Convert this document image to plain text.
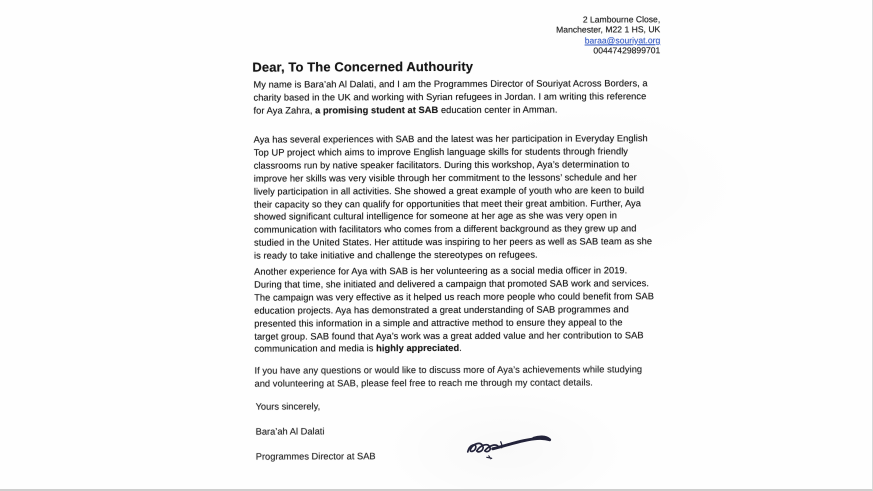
2 Lambourne Close,
Manchester, M22 1 HS, UK
baraa@souriyat.org
00447429899701
Dear, To The Concerned Authourity

My name is Bara’ah Al Dalati, and I am the Programmes Director of Souriyat Across Borders, a
charity based in the UK and working with Syrian refugees in Jordan. I am writing this reference
for Aya Zahra, a promising student at SAB education center in Amman.

Aya has several experiences with SAB and the latest was her participation in Everyday English
Top UP project which aims to improve English language skills for students through friendly
classrooms run by native speaker facilitators. During this workshop, Aya’s determination to
improve her skills was very visible through her commitment to the lessons’ schedule and her
lively participation in all activities. She showed a great example of youth who are keen to build
their capacity so they can qualify for opportunities that meet their great ambition. Further, Aya
showed significant cultural intelligence for someone at her age as she was very open in
communication with facilitators who comes from a different background as they grew up and
studied in the United States. Her attitude was inspiring to her peers as well as SAB team as she
is ready to take initiative and challenge the stereotypes on refugees.

Another experience for Aya with SAB is her volunteering as a social media officer in 2019.
During that time, she initiated and delivered a campaign that promoted SAB work and services.
The campaign was very effective as it helped us reach more people who could benefit from SAB
education projects. Aya has demonstrated a great understanding of SAB programmes and
presented this information in a simple and attractive method to ensure they appeal to the
target group. SAB found that Aya’s work was a great added value and her contribution to SAB
communication and media is highly appreciated.

If you have any questions or would like to discuss more of Aya’s achievements while studying
and volunteering at SAB, please feel free to reach me through my contact details.

Yours sincerely,
Bara’ah Al Dalati
Programmes Director at SAB
